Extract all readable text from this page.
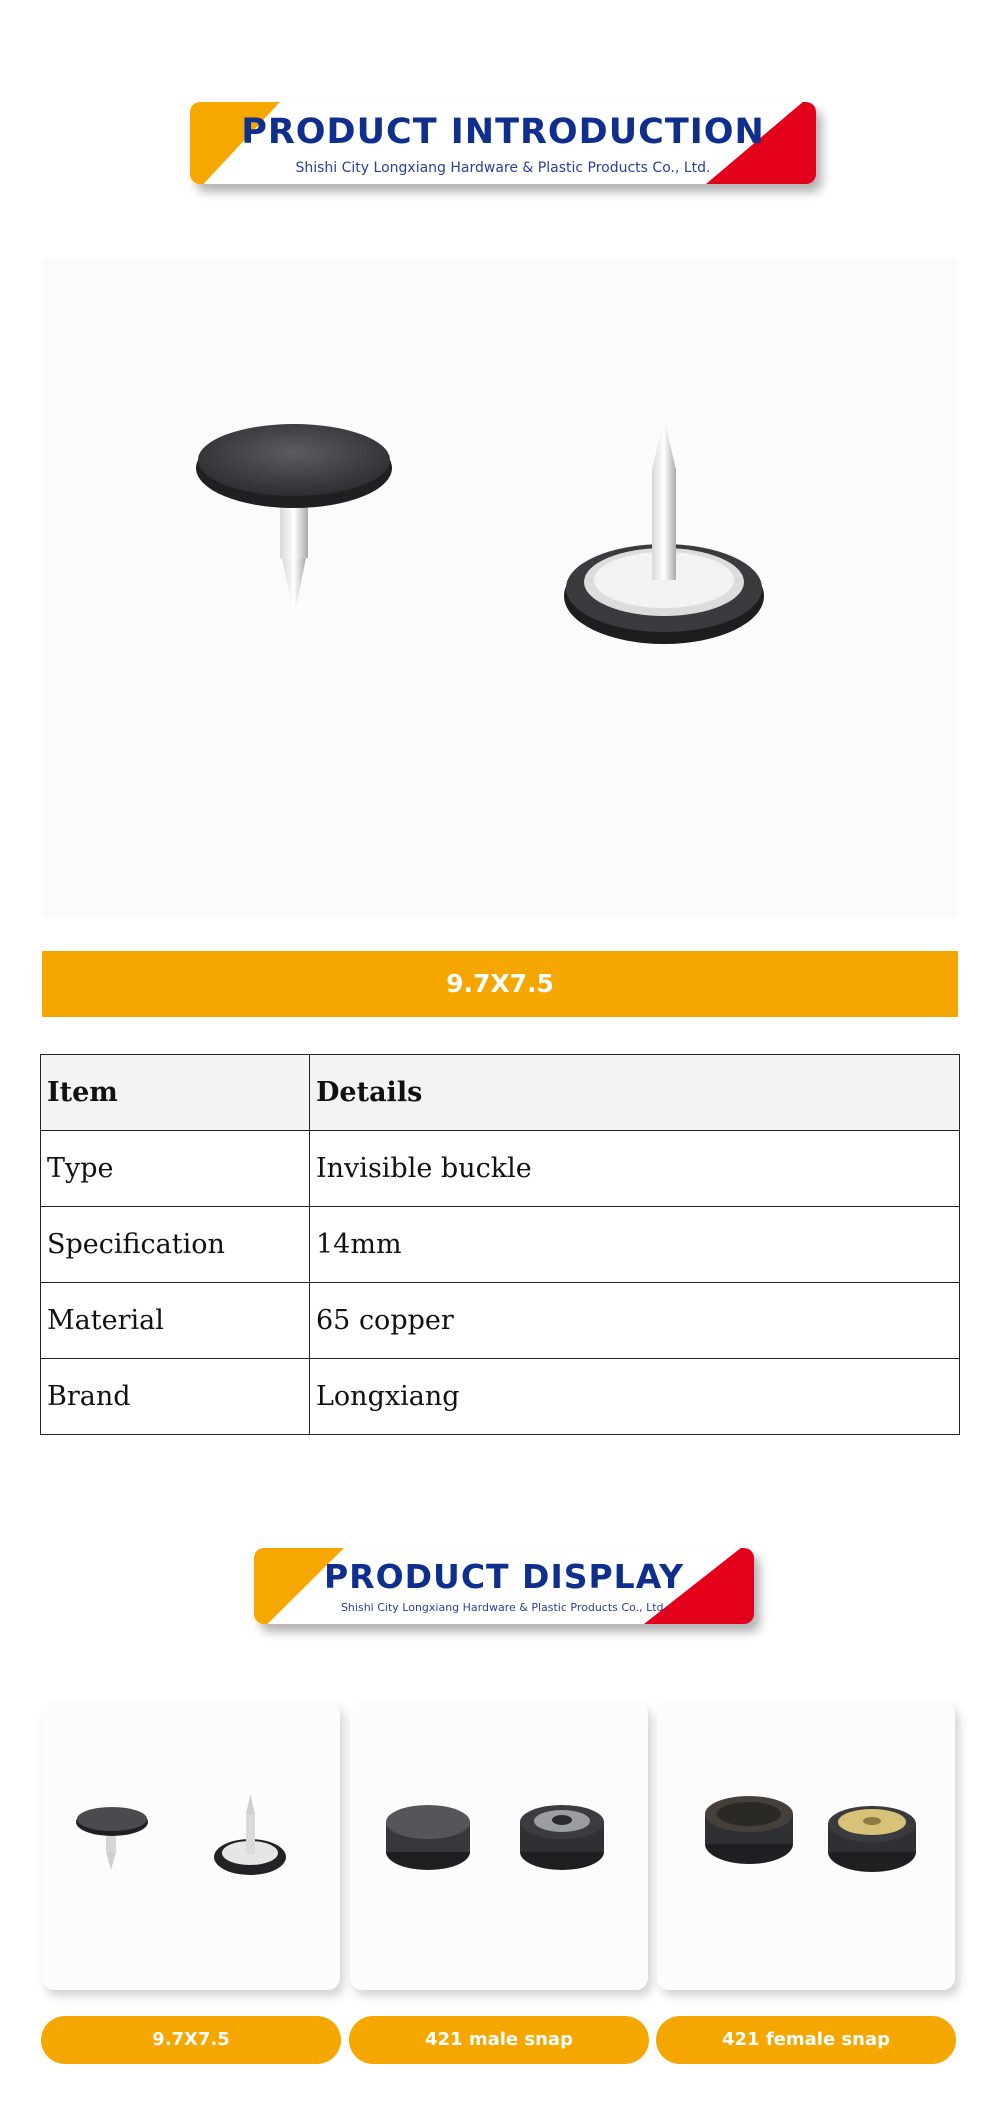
PRODUCT INTRODUCTION
Shishi City Longxiang Hardware & Plastic Products Co., Ltd.
9.7X7.5
Item	Details
Type	Invisible buckle
Specification	14mm
Material	65 copper
Brand	Longxiang
PRODUCT DISPLAY
Shishi City Longxiang Hardware & Plastic Products Co., Ltd.
9.7X7.5	421 male snap	421 female snap
